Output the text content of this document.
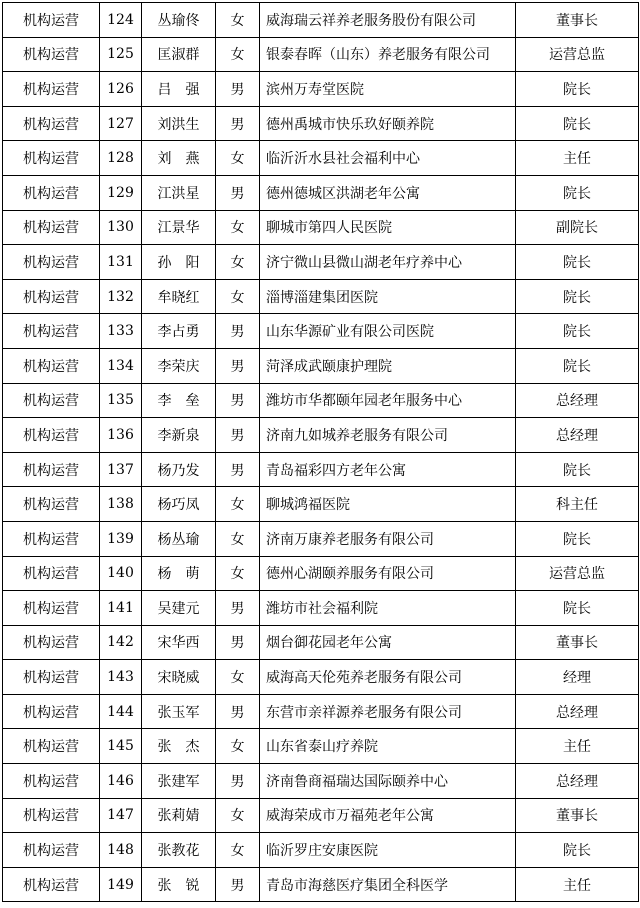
机构运营	124	丛瑜佟	女	威海瑞云祥养老服务股份有限公司	董事长
机构运营	125	匡淑群	女	银泰春晖（山东）养老服务有限公司	运营总监
机构运营	126	吕　强	男	滨州万寿堂医院	院长
机构运营	127	刘洪生	男	德州禹城市快乐玖好颐养院	院长
机构运营	128	刘　燕	女	临沂沂水县社会福利中心	主任
机构运营	129	江洪星	男	德州德城区洪湖老年公寓	院长
机构运营	130	江景华	女	聊城市第四人民医院	副院长
机构运营	131	孙　阳	女	济宁微山县微山湖老年疗养中心	院长
机构运营	132	牟晓红	女	淄博淄建集团医院	院长
机构运营	133	李占勇	男	山东华源矿业有限公司医院	院长
机构运营	134	李荣庆	男	菏泽成武颐康护理院	院长
机构运营	135	李　垒	男	潍坊市华都颐年园老年服务中心	总经理
机构运营	136	李新泉	男	济南九如城养老服务有限公司	总经理
机构运营	137	杨乃发	男	青岛福彩四方老年公寓	院长
机构运营	138	杨巧凤	女	聊城鸿福医院	科主任
机构运营	139	杨丛瑜	女	济南万康养老服务有限公司	院长
机构运营	140	杨　萌	女	德州心湖颐养服务有限公司	运营总监
机构运营	141	吴建元	男	潍坊市社会福利院	院长
机构运营	142	宋华西	男	烟台御花园老年公寓	董事长
机构运营	143	宋晓威	女	威海高天伦苑养老服务有限公司	经理
机构运营	144	张玉军	男	东营市亲祥源养老服务有限公司	总经理
机构运营	145	张　杰	女	山东省泰山疗养院	主任
机构运营	146	张建军	男	济南鲁商福瑞达国际颐养中心	总经理
机构运营	147	张莉婧	女	威海荣成市万福苑老年公寓	董事长
机构运营	148	张教花	女	临沂罗庄安康医院	院长
机构运营	149	张　锐	男	青岛市海慈医疗集团全科医学	主任
